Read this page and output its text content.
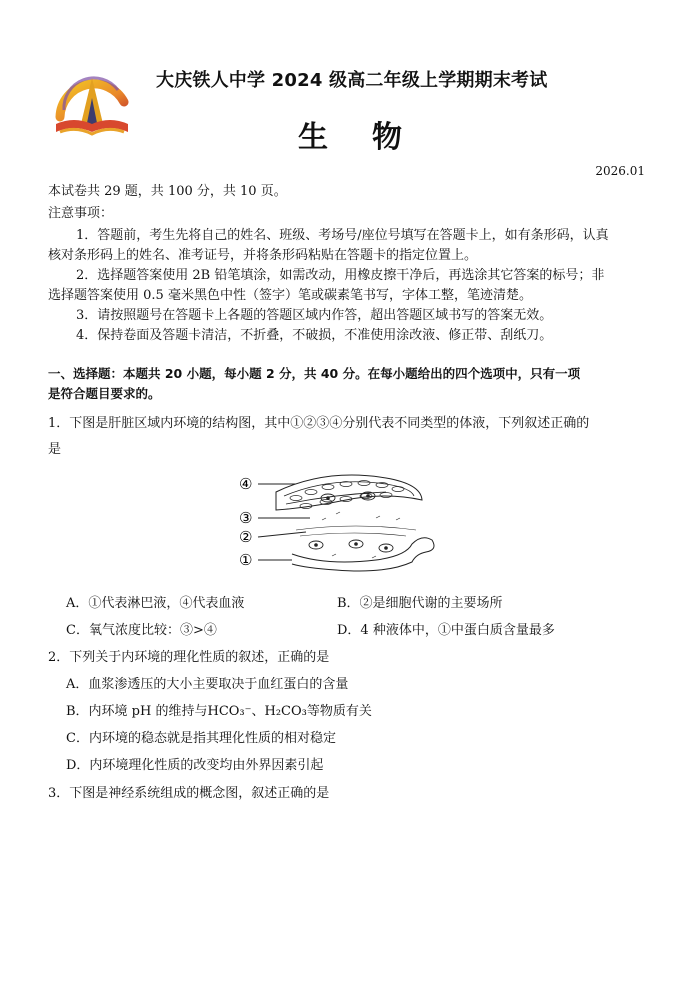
大庆铁人中学 2024 级高二年级上学期期末考试
生物
2026.01
本试卷共 29 题，共 100 分，共 10 页。
注意事项：
1．答题前，考生先将自己的姓名、班级、考场号/座位号填写在答题卡上，如有条形码，认真
核对条形码上的姓名、准考证号，并将条形码粘贴在答题卡的指定位置上。
2．选择题答案使用 2B 铅笔填涂，如需改动，用橡皮擦干净后，再选涂其它答案的标号；非
选择题答案使用 0.5 毫米黑色中性（签字）笔或碳素笔书写，字体工整，笔迹清楚。
3．请按照题号在答题卡上各题的答题区域内作答，超出答题区域书写的答案无效。
4．保持卷面及答题卡清洁，不折叠，不破损，不准使用涂改液、修正带、刮纸刀。
一、选择题：本题共 20 小题，每小题 2 分，共 40 分。在每小题给出的四个选项中，只有一项
是符合题目要求的。
1．下图是肝脏区域内环境的结构图，其中①②③④分别代表不同类型的体液，下列叙述正确的
是
④
③
②
①
A．①代表淋巴液，④代表血液	B．②是细胞代谢的主要场所
C．氧气浓度比较：③>④	D．4 种液体中，①中蛋白质含量最多
2．下列关于内环境的理化性质的叙述，正确的是
A．血浆渗透压的大小主要取决于血红蛋白的含量
B．内环境 pH 的维持与HCO₃⁻、H₂CO₃等物质有关
C．内环境的稳态就是指其理化性质的相对稳定
D．内环境理化性质的改变均由外界因素引起
3．下图是神经系统组成的概念图，叙述正确的是
